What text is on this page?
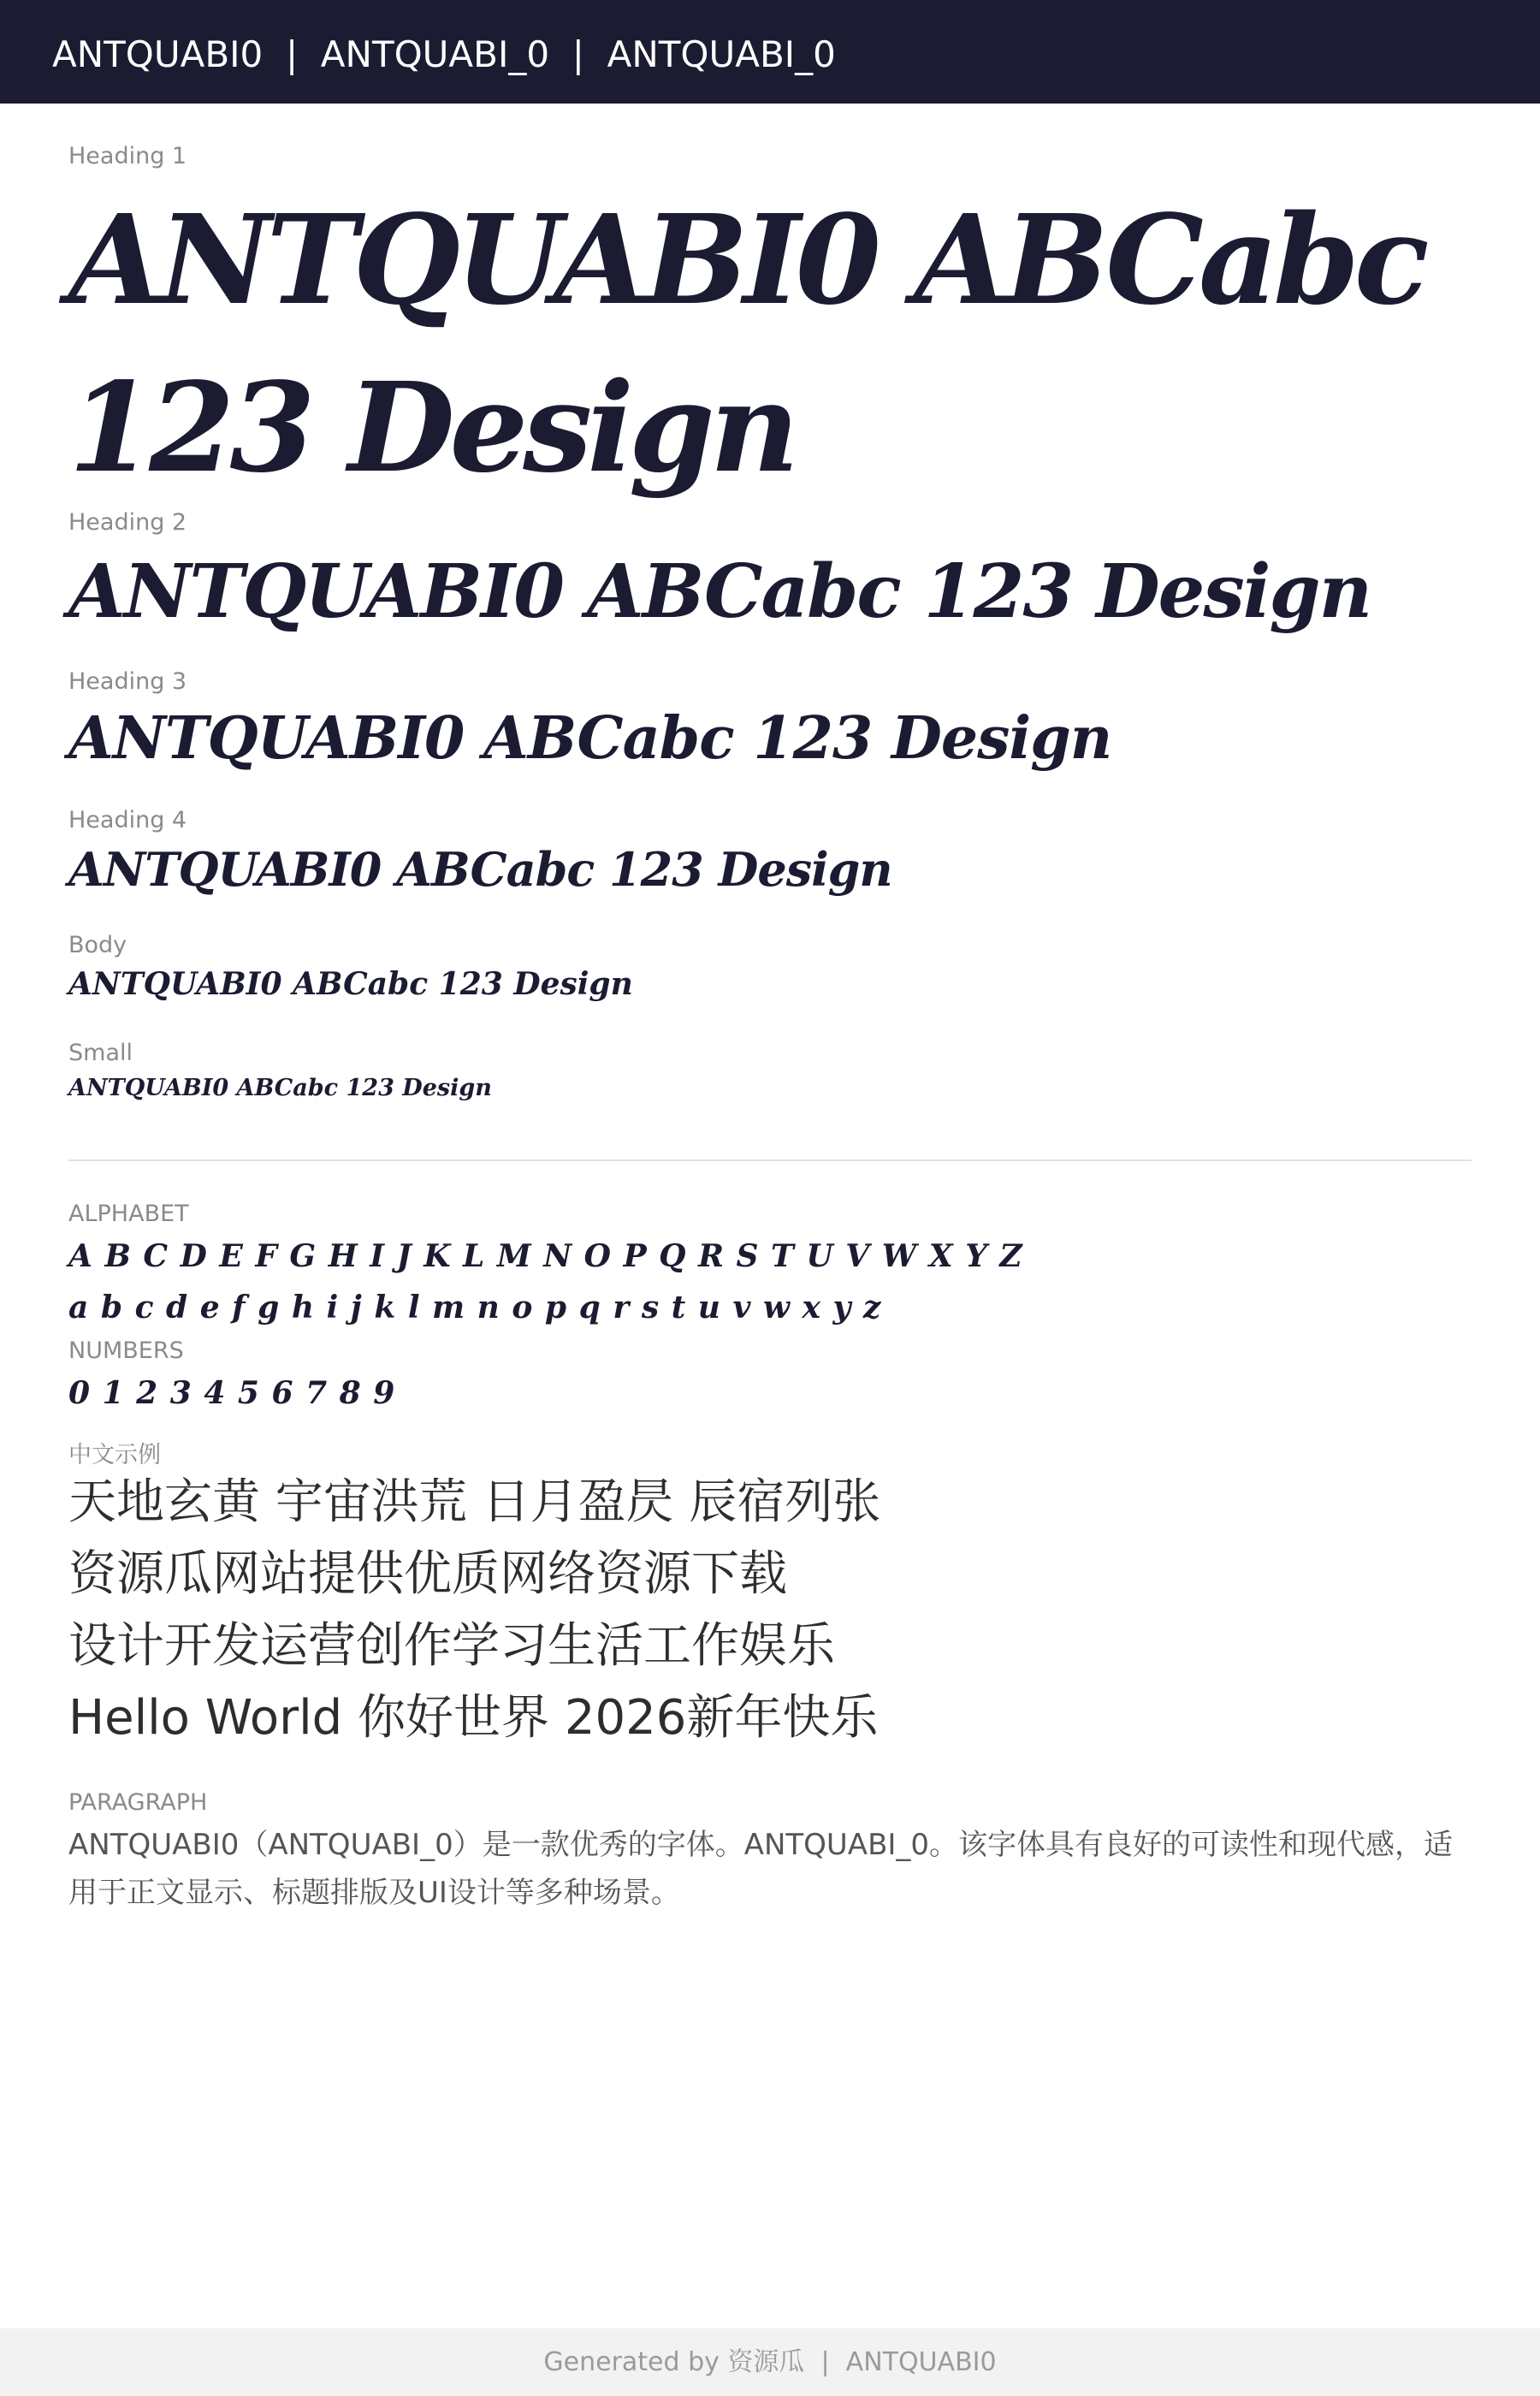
ANTQUABI0  |  ANTQUABI_0  |  ANTQUABI_0
Heading 1
ANTQUABI0 ABCabc 123 Design
Heading 2
ANTQUABI0 ABCabc 123 Design
Heading 3
ANTQUABI0 ABCabc 123 Design
Heading 4
ANTQUABI0 ABCabc 123 Design
Body
ANTQUABI0 ABCabc 123 Design
Small
ANTQUABI0 ABCabc 123 Design
ALPHABET
A B C D E F G H I J K L M N O P Q R S T U V W X Y Z
a b c d e f g h i j k l m n o p q r s t u v w x y z
NUMBERS
0 1 2 3 4 5 6 7 8 9
中文示例
天地玄黄 宇宙洪荒 日月盈昃 辰宿列张
资源瓜网站提供优质网络资源下载
设计开发运营创作学习生活工作娱乐
Hello World 你好世界 2026新年快乐
PARAGRAPH
ANTQUABI0（ANTQUABI_0）是一款优秀的字体。ANTQUABI_0。该字体具有良好的可读性和现代感，适用于正文显示、标题排版及UI设计等多种场景。
Generated by 资源瓜  |  ANTQUABI0
